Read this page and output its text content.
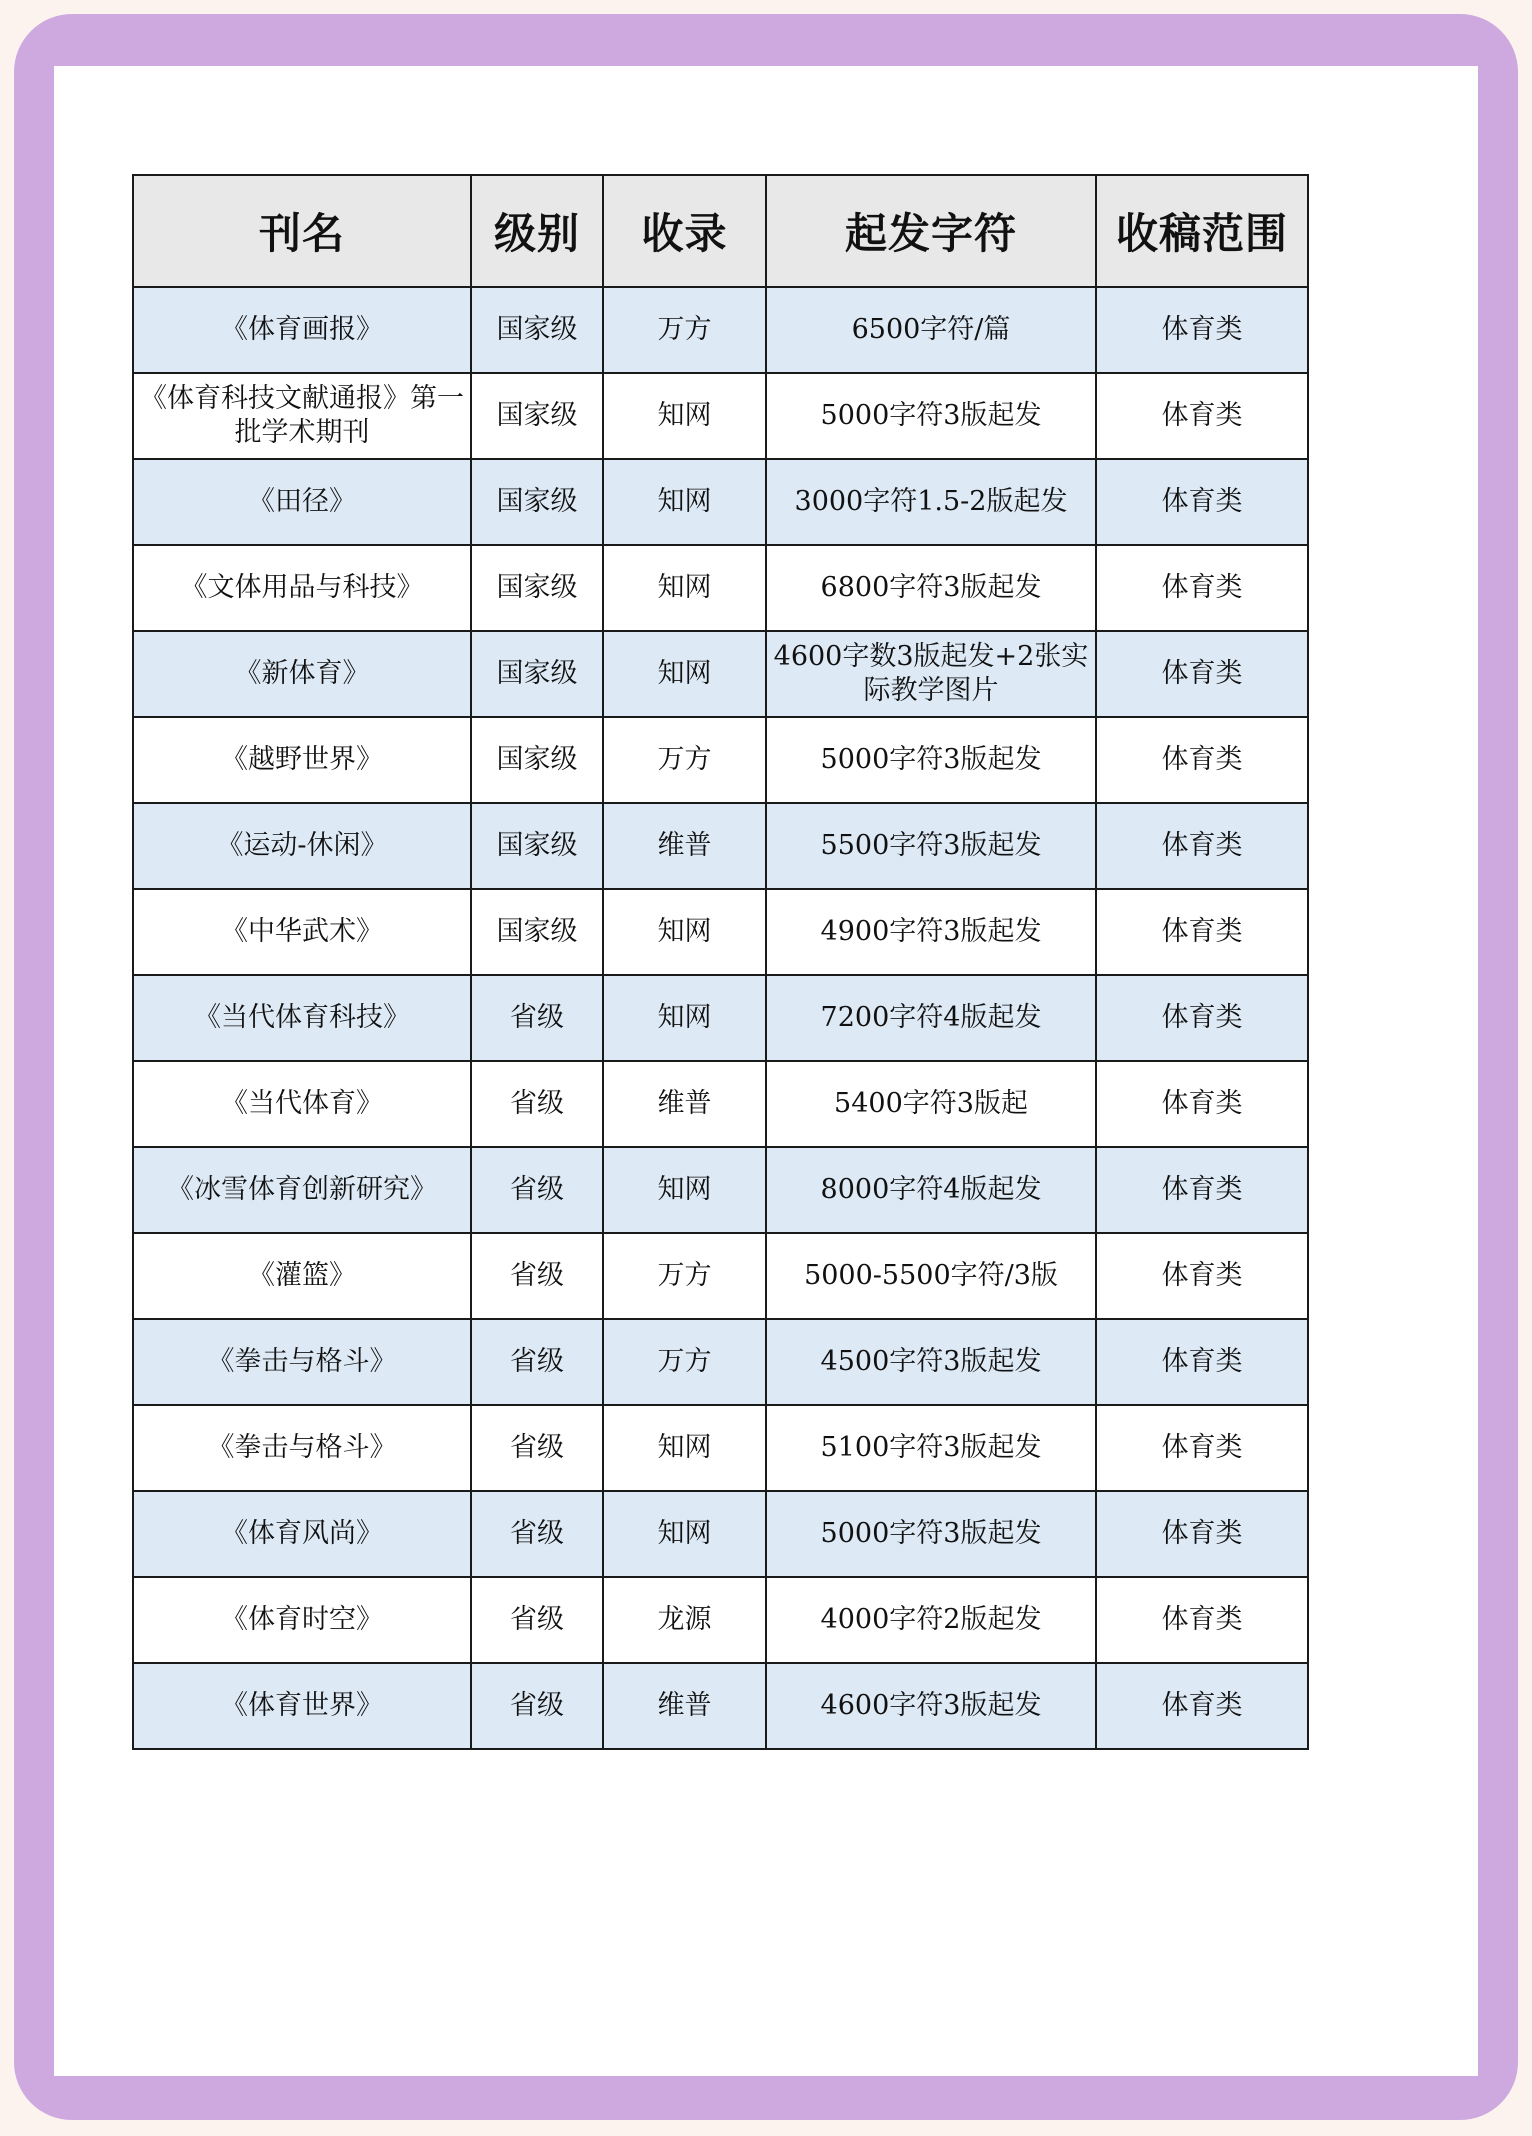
刊名	级别	收录	起发字符	收稿范围
《体育画报》	国家级	万方	6500字符/篇	体育类
《体育科技文献通报》第一批学术期刊	国家级	知网	5000字符3版起发	体育类
《田径》	国家级	知网	3000字符1.5-2版起发	体育类
《文体用品与科技》	国家级	知网	6800字符3版起发	体育类
《新体育》	国家级	知网	4600字数3版起发+2张实际教学图片	体育类
《越野世界》	国家级	万方	5000字符3版起发	体育类
《运动-休闲》	国家级	维普	5500字符3版起发	体育类
《中华武术》	国家级	知网	4900字符3版起发	体育类
《当代体育科技》	省级	知网	7200字符4版起发	体育类
《当代体育》	省级	维普	5400字符3版起	体育类
《冰雪体育创新研究》	省级	知网	8000字符4版起发	体育类
《灌篮》	省级	万方	5000-5500字符/3版	体育类
《拳击与格斗》	省级	万方	4500字符3版起发	体育类
《拳击与格斗》	省级	知网	5100字符3版起发	体育类
《体育风尚》	省级	知网	5000字符3版起发	体育类
《体育时空》	省级	龙源	4000字符2版起发	体育类
《体育世界》	省级	维普	4600字符3版起发	体育类
